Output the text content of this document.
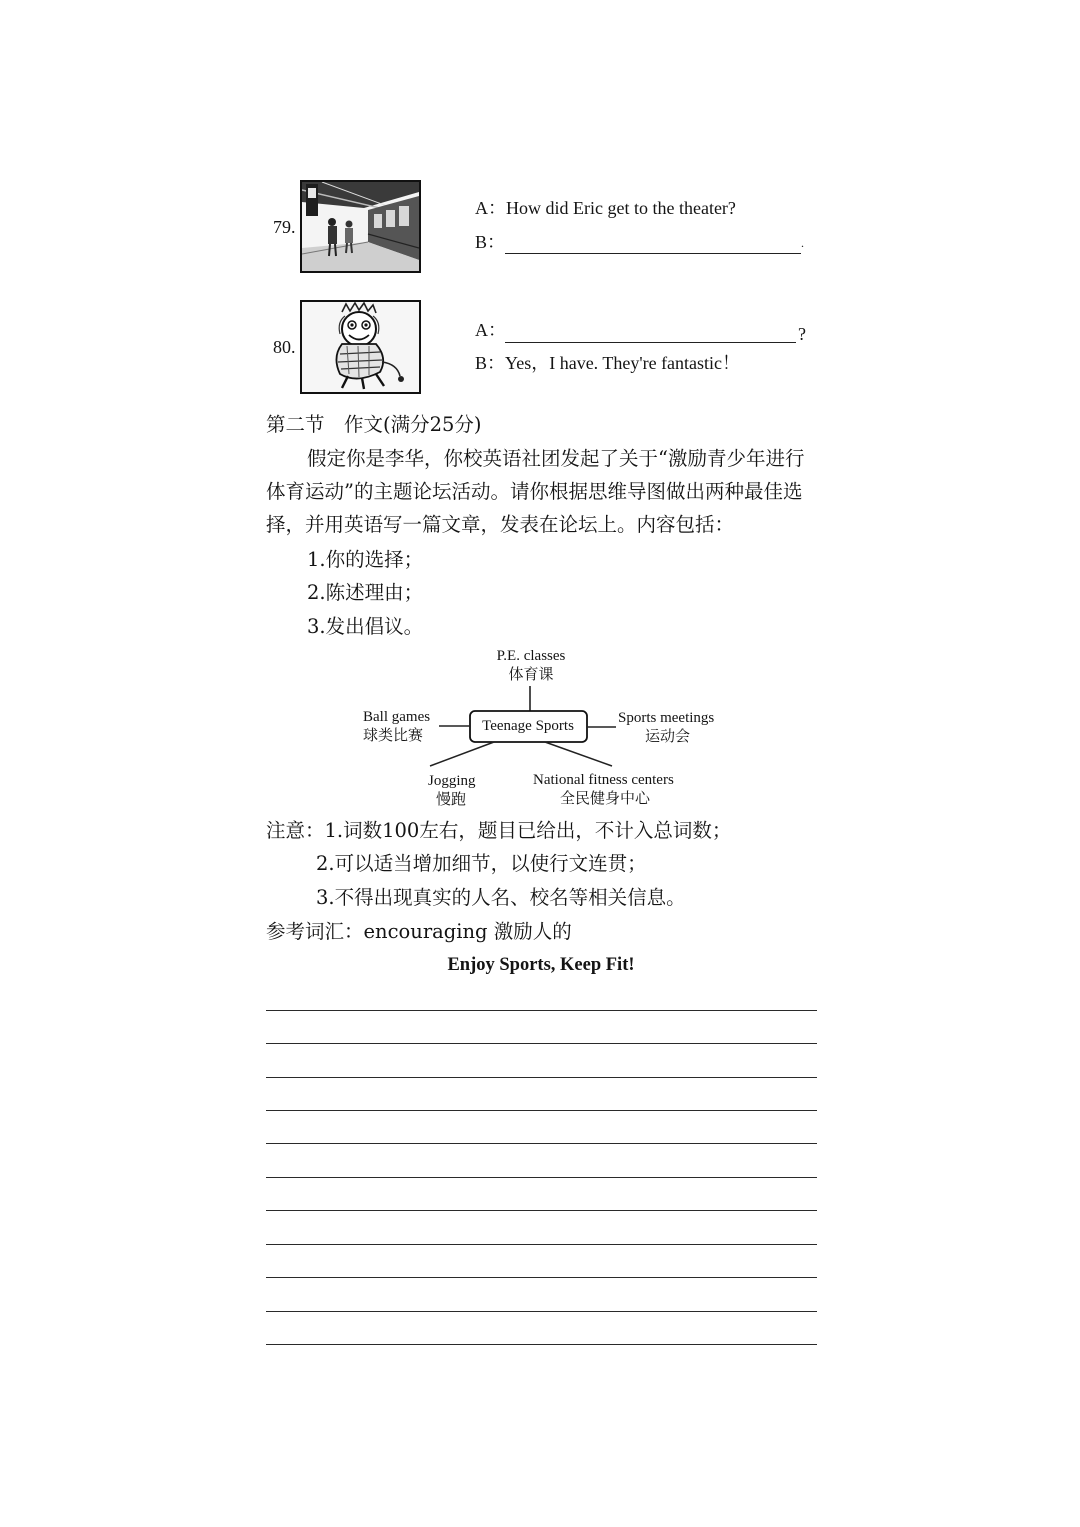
79.
A：How did Eric get to the theater?
B：	.
80.
A：	?
B：Yes，I have. They're fantastic！
第二节　作文(满分25分)
假定你是李华，你校英语社团发起了关于“激励青少年进行
体育运动”的主题论坛活动。请你根据思维导图做出两种最佳选
择，并用英语写一篇文章，发表在论坛上。内容包括：
1.你的选择；
2.陈述理由；
3.发出倡议。
P.E. classes
体育课
Teenage Sports
Ball games
球类比赛
Sports meetings
运动会
Jogging
慢跑
National fitness centers
全民健身中心
注意：1.词数100左右，题目已给出，不计入总词数；
2.可以适当增加细节，以使行文连贯；
3.不得出现真实的人名、校名等相关信息。
参考词汇：encouraging 激励人的
Enjoy Sports, Keep Fit!
